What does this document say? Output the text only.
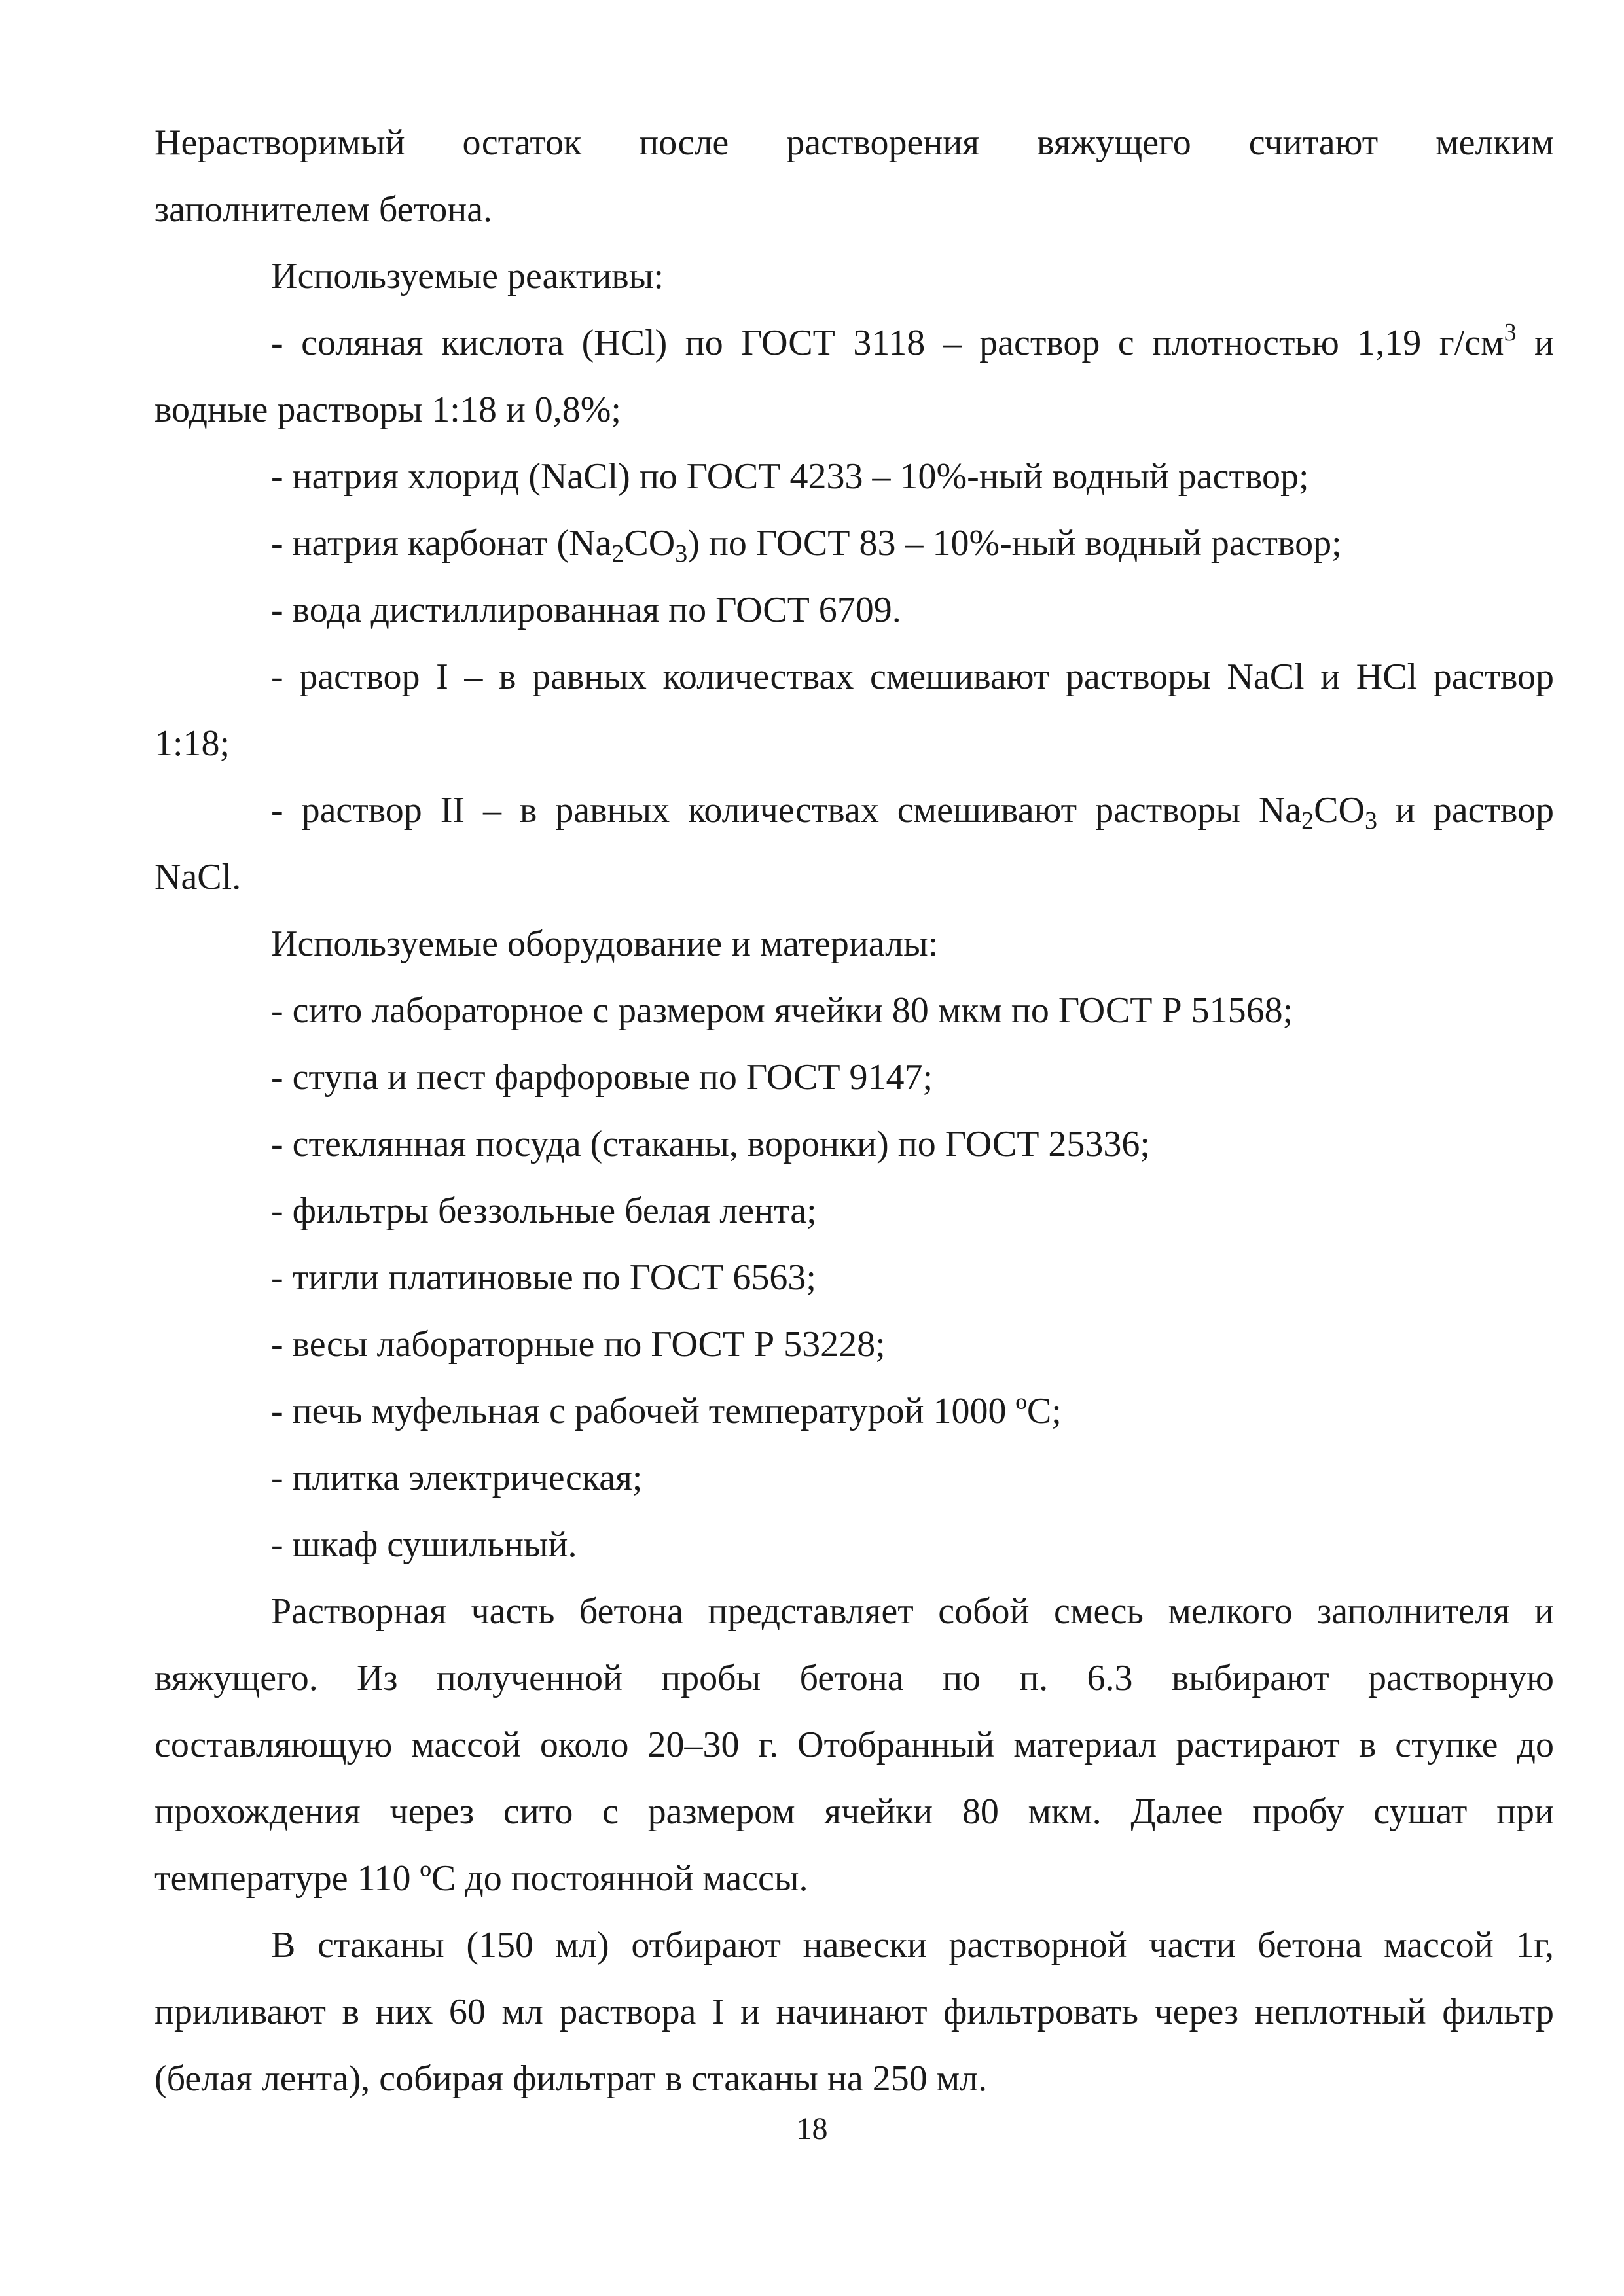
Нерастворимый остаток после растворения вяжущего считают мелким
заполнителем бетона.
Используемые реактивы:
- соляная кислота (HCl) по ГОСТ 3118 – раствор с плотностью 1,19 $г/см^3$ и
водные растворы 1:18 и 0,8%;
- натрия хлорид (NaCl) по ГОСТ 4233 – 10%-ный водный раствор;
- натрия карбонат $(Na_2CO_3)$ по ГОСТ 83 – 10%-ный водный раствор;
- вода дистиллированная по ГОСТ 6709.
- раствор I – в равных количествах смешивают растворы NaCl и HCl раствор
1:18;
- раствор II – в равных количествах смешивают растворы $Na_2CO_3$ и раствор
NaCl.
Используемые оборудование и материалы:
- сито лабораторное с размером ячейки 80 мкм по ГОСТ Р 51568;
- ступа и пест фарфоровые по ГОСТ 9147;
- стеклянная посуда (стаканы, воронки) по ГОСТ 25336;
- фильтры беззольные белая лента;
- тигли платиновые по ГОСТ 6563;
- весы лабораторные по ГОСТ Р 53228;
- печь муфельная с рабочей температурой 1000 ºС;
- плитка электрическая;
- шкаф сушильный.
Растворная часть бетона представляет собой смесь мелкого заполнителя и
вяжущего. Из полученной пробы бетона по п. 6.3 выбирают растворную
составляющую массой около 20–30 г. Отобранный материал растирают в ступке до
прохождения через сито с размером ячейки 80 мкм. Далее пробу сушат при
температуре 110 ºС до постоянной массы.
В стаканы (150 мл) отбирают навески растворной части бетона массой 1г,
приливают в них 60 мл раствора I и начинают фильтровать через неплотный фильтр
(белая лента), собирая фильтрат в стаканы на 250 мл.
18
